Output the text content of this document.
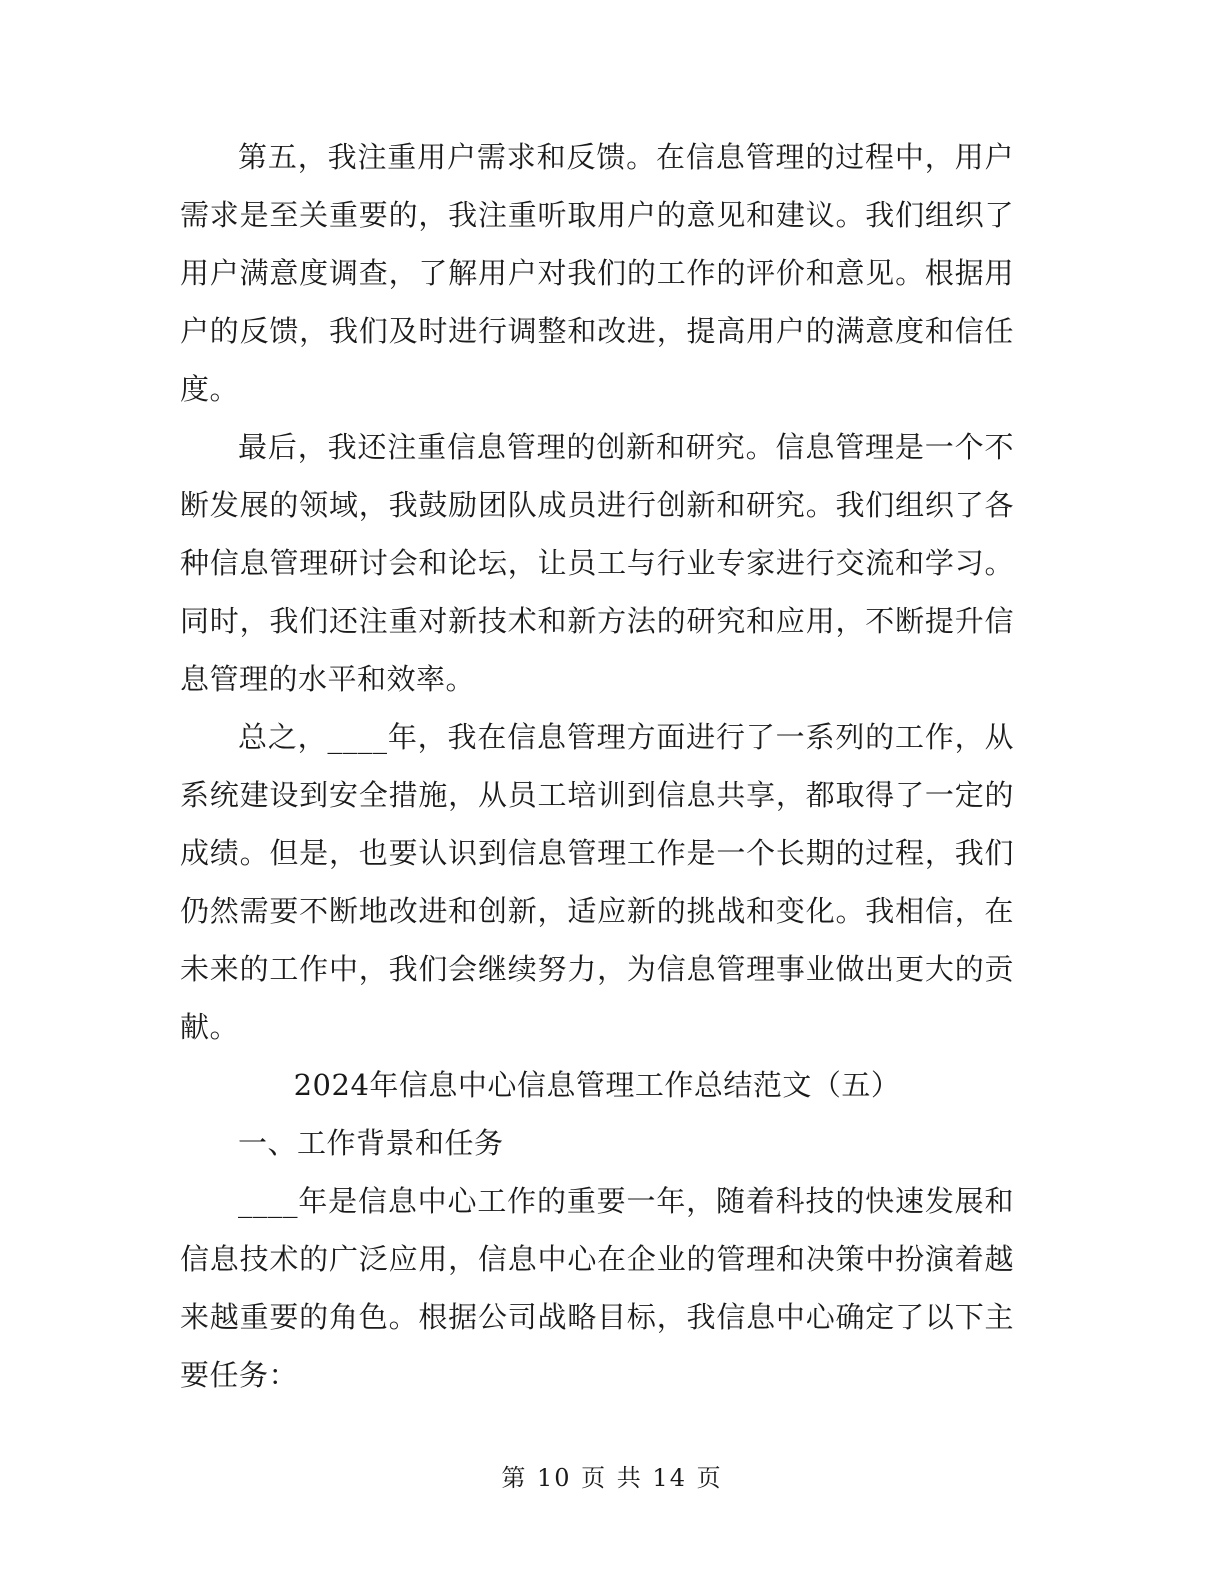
第五，我注重用户需求和反馈。在信息管理的过程中，用户需求是至关重要的，我注重听取用户的意见和建议。我们组织了用户满意度调查，了解用户对我们的工作的评价和意见。根据用户的反馈，我们及时进行调整和改进，提高用户的满意度和信任度。

最后，我还注重信息管理的创新和研究。信息管理是一个不断发展的领域，我鼓励团队成员进行创新和研究。我们组织了各种信息管理研讨会和论坛，让员工与行业专家进行交流和学习。同时，我们还注重对新技术和新方法的研究和应用，不断提升信息管理的水平和效率。

总之，____年，我在信息管理方面进行了一系列的工作，从系统建设到安全措施，从员工培训到信息共享，都取得了一定的成绩。但是，也要认识到信息管理工作是一个长期的过程，我们仍然需要不断地改进和创新，适应新的挑战和变化。我相信，在未来的工作中，我们会继续努力，为信息管理事业做出更大的贡献。

2024年信息中心信息管理工作总结范文（五）

一、工作背景和任务

____年是信息中心工作的重要一年，随着科技的快速发展和信息技术的广泛应用，信息中心在企业的管理和决策中扮演着越来越重要的角色。根据公司战略目标，我信息中心确定了以下主要任务：

第 10 页 共 14 页
